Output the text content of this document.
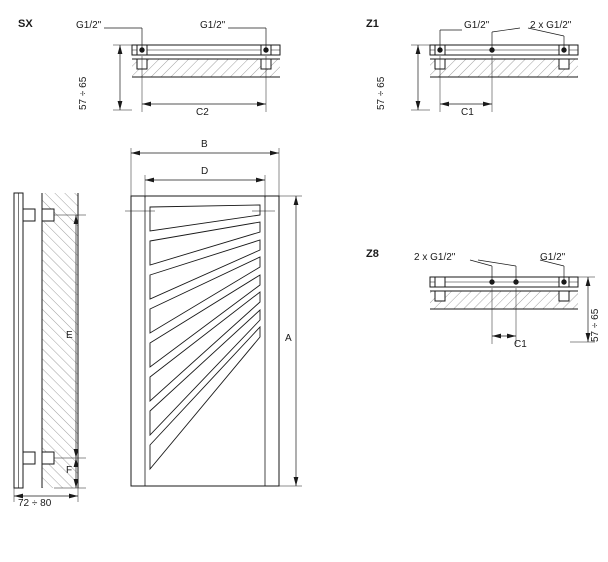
SX	Z1
Z8
G1/2"	G1/2"
57 ÷ 65
C2
G1/2"	2 x G1/2"
57 ÷ 65
C1
2 x G1/2"	G1/2"
57 ÷ 65
C1
B
D
A
E
F
72 ÷ 80
